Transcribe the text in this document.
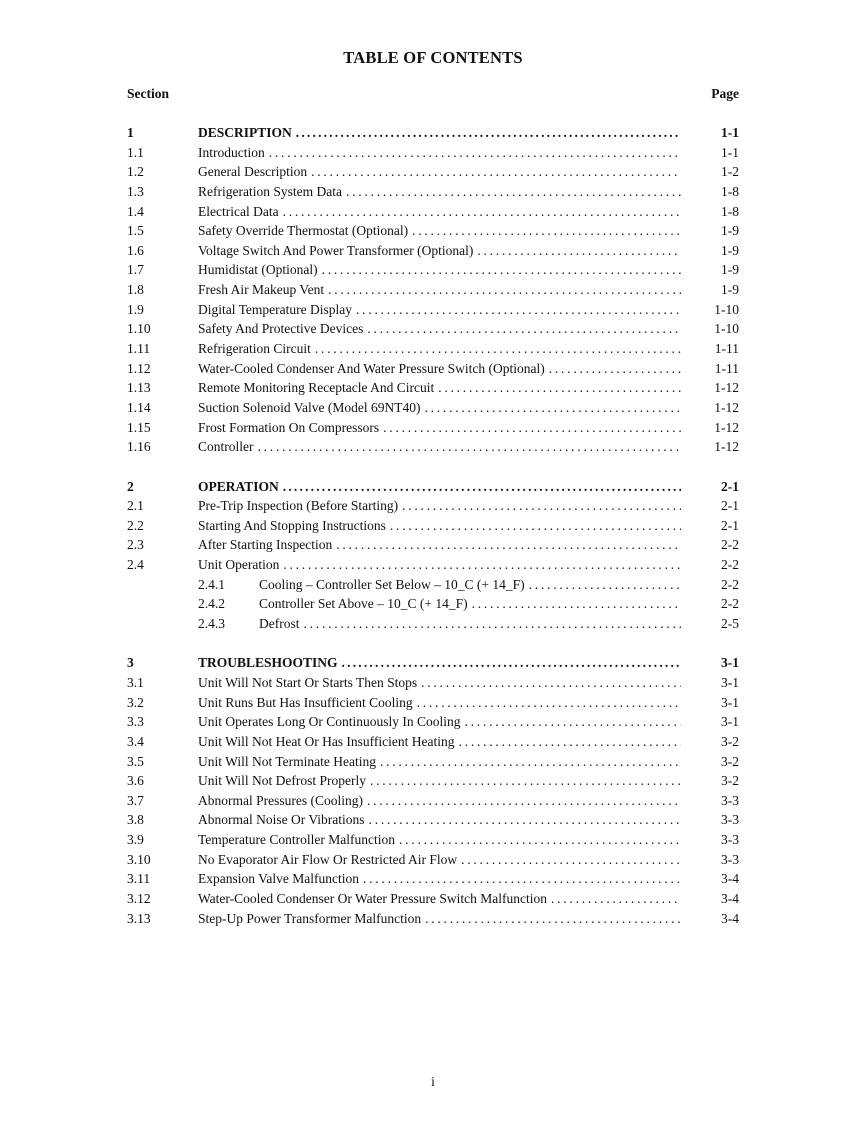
TABLE OF CONTENTS
Section	Page
1	DESCRIPTION .....	1-1
1.1	Introduction . . .	1-1
1.2	General Description . . .	1-2
1.3	Refrigeration System Data . . .	1-8
1.4	Electrical Data . . .	1-8
1.5	Safety Override Thermostat (Optional) . . .	1-9
1.6	Voltage Switch And Power Transformer (Optional) . . .	1-9
1.7	Humidistat (Optional) . . .	1-9
1.8	Fresh Air Makeup Vent . . .	1-9
1.9	Digital Temperature Display . . .	1-10
1.10	Safety And Protective Devices . . .	1-10
1.11	Refrigeration Circuit . . .	1-11
1.12	Water-Cooled Condenser And Water Pressure Switch (Optional) . . .	1-11
1.13	Remote Monitoring Receptacle And Circuit . . .	1-12
1.14	Suction Solenoid Valve (Model 69NT40) . . .	1-12
1.15	Frost Formation On Compressors . . .	1-12
1.16	Controller . . .	1-12
2	OPERATION .....	2-1
2.1	Pre-Trip Inspection (Before Starting) . . .	2-1
2.2	Starting And Stopping Instructions . . .	2-1
2.3	After Starting Inspection . . .	2-2
2.4	Unit Operation . . .	2-2
2.4.1	Cooling – Controller Set Below – 10_C (+ 14_F) . . .	2-2
2.4.2	Controller Set Above – 10_C (+ 14_F) . . .	2-2
2.4.3	Defrost . . .	2-5
3	TROUBLESHOOTING .....	3-1
3.1	Unit Will Not Start Or Starts Then Stops . . .	3-1
3.2	Unit Runs But Has Insufficient Cooling . . .	3-1
3.3	Unit Operates Long Or Continuously In Cooling . . .	3-1
3.4	Unit Will Not Heat Or Has Insufficient Heating . . .	3-2
3.5	Unit Will Not Terminate Heating . . .	3-2
3.6	Unit Will Not Defrost Properly . . .	3-2
3.7	Abnormal Pressures (Cooling) . . .	3-3
3.8	Abnormal Noise Or Vibrations . . .	3-3
3.9	Temperature Controller Malfunction . . .	3-3
3.10	No Evaporator Air Flow Or Restricted Air Flow . . .	3-3
3.11	Expansion Valve Malfunction . . .	3-4
3.12	Water-Cooled Condenser Or Water Pressure Switch Malfunction . . .	3-4
3.13	Step-Up Power Transformer Malfunction . . .	3-4
i
